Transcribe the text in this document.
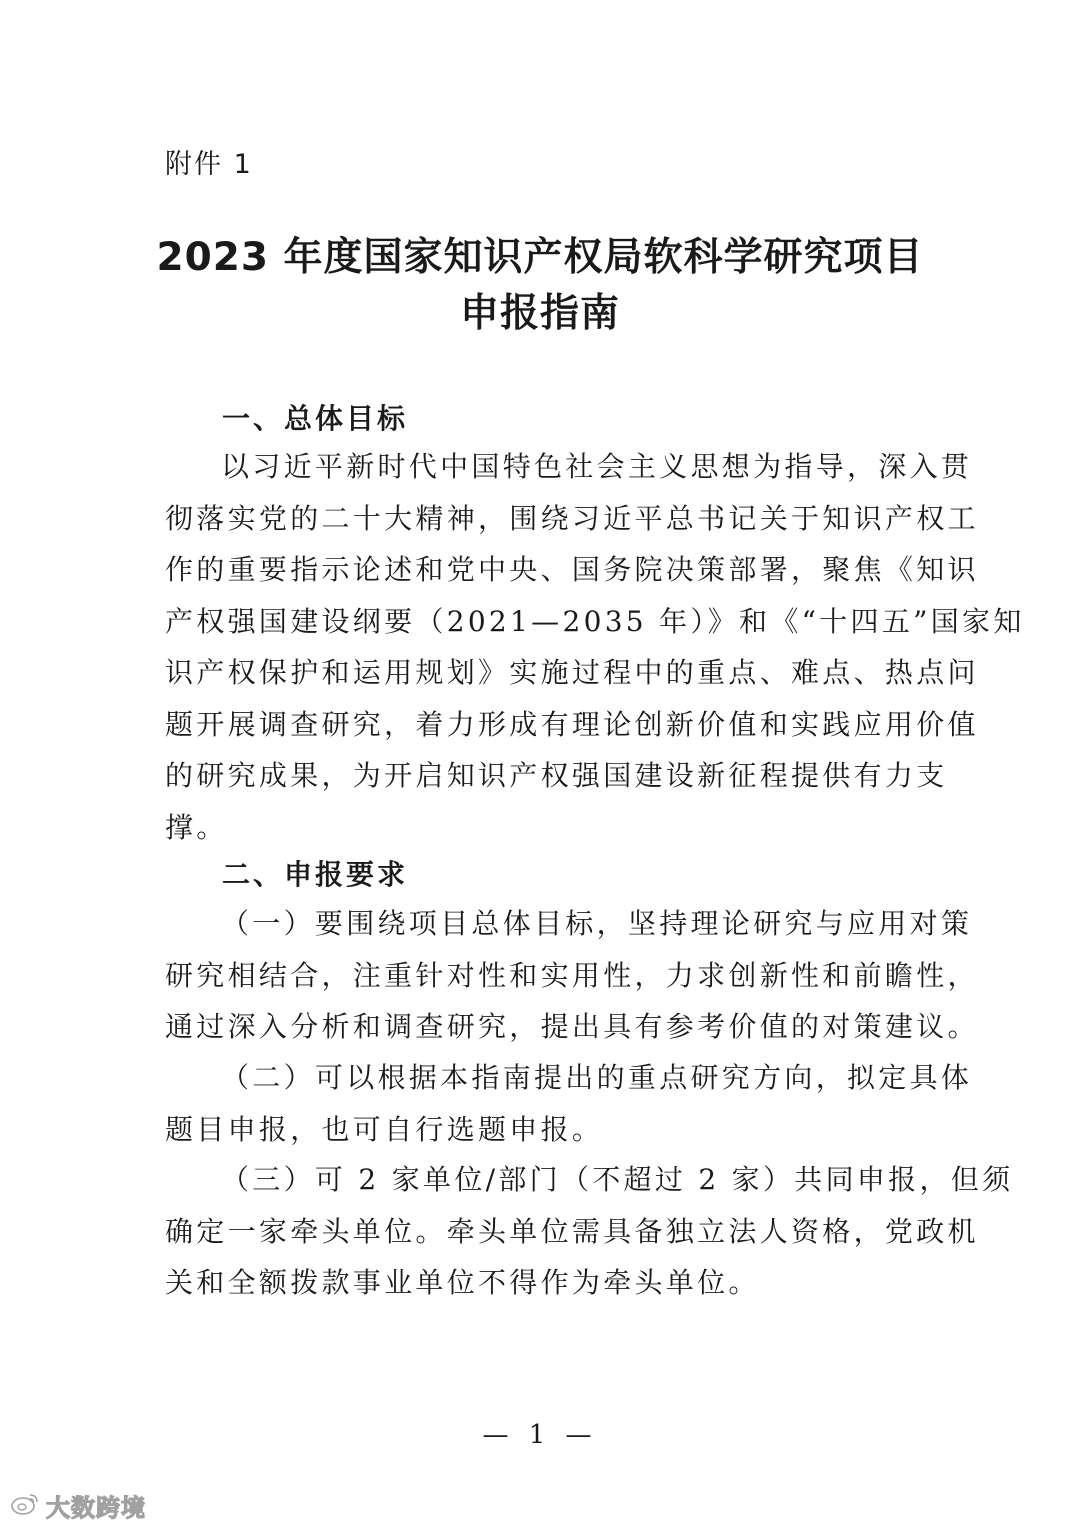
附件 1

2023 年度国家知识产权局软科学研究项目
申报指南
一、总体目标
以习近平新时代中国特色社会主义思想为指导，深入贯
彻落实党的二十大精神，围绕习近平总书记关于知识产权工
作的重要指示论述和党中央、国务院决策部署，聚焦《知识
产权强国建设纲要（2021—2035 年）》和《“十四五”国家知
识产权保护和运用规划》实施过程中的重点、难点、热点问
题开展调查研究，着力形成有理论创新价值和实践应用价值
的研究成果，为开启知识产权强国建设新征程提供有力支
撑。
二、申报要求
（一）要围绕项目总体目标，坚持理论研究与应用对策
研究相结合，注重针对性和实用性，力求创新性和前瞻性，
通过深入分析和调查研究，提出具有参考价值的对策建议。
（二）可以根据本指南提出的重点研究方向，拟定具体
题目申报，也可自行选题申报。
（三）可 2 家单位/部门（不超过 2 家）共同申报，但须
确定一家牵头单位。牵头单位需具备独立法人资格，党政机
关和全额拨款事业单位不得作为牵头单位。

— 1 —

大数跨境
